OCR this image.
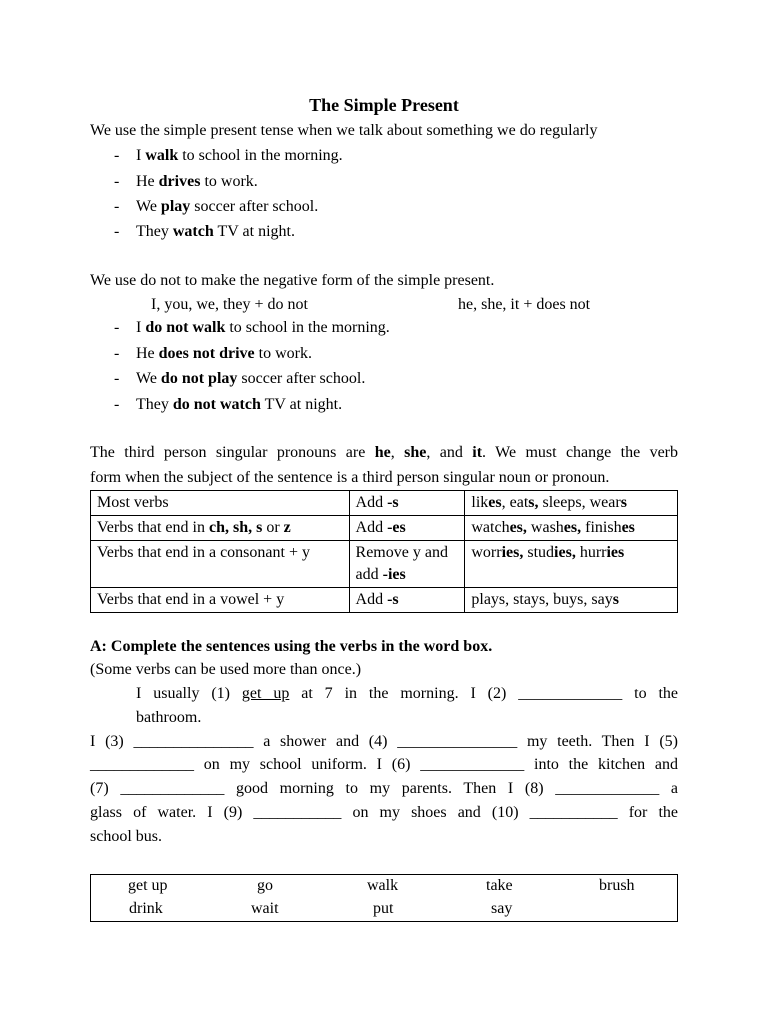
The Simple Present
We use the simple present tense when we talk about something we do regularly
- I walk to school in the morning.
- He drives to work.
- We play soccer after school.
- They watch TV at night.
We use do not to make the negative form of the simple present.
I, you, we, they + do not	he, she, it + does not
- I do not walk to school in the morning.
- He does not drive to work.
- We do not play soccer after school.
- They do not watch TV at night.
The third person singular pronouns are he, she, and it. We must change the verb
form when the subject of the sentence is a third person singular noun or pronoun.
Most verbs	Add -s	likes, eats, sleeps, wears
Verbs that end in ch, sh, s or z	Add -es	watches, washes, finishes
Verbs that end in a consonant + y	Remove y and
add -ies	worries, studies, hurries
Verbs that end in a vowel + y	Add -s	plays, stays, buys, says
A: Complete the sentences using the verbs in the word box.
(Some verbs can be used more than once.)
I usually (1) get up at 7 in the morning. I (2) _____________ to the
bathroom.
I (3) _______________ a shower and (4) _______________ my teeth. Then I (5)
_____________ on my school uniform. I (6) _____________ into the kitchen and
(7) _____________ good morning to my parents. Then I (8) _____________ a
glass of water. I (9) ___________ on my shoes and (10) ___________ for the
school bus.
get up	go	walk	take	brush
drink	wait	put	say
